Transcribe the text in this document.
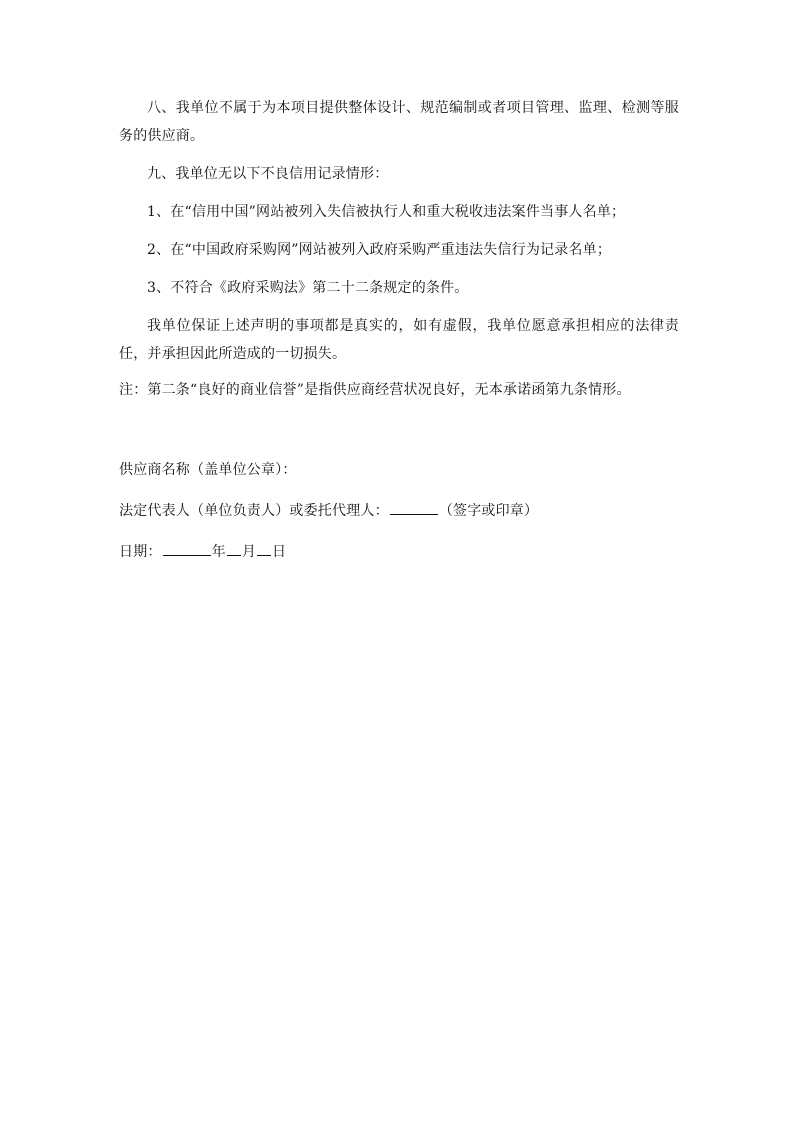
八、我单位不属于为本项目提供整体设计、规范编制或者项目管理、监理、检测等服务的供应商。

九、我单位无以下不良信用记录情形：

1、在“信用中国”网站被列入失信被执行人和重大税收违法案件当事人名单；

2、在“中国政府采购网”网站被列入政府采购严重违法失信行为记录名单；

3、不符合《政府采购法》第二十二条规定的条件。

我单位保证上述声明的事项都是真实的，如有虚假，我单位愿意承担相应的法律责任，并承担因此所造成的一切损失。

注：第二条“良好的商业信誉”是指供应商经营状况良好，无本承诺函第九条情形。

供应商名称（盖单位公章）：

法定代表人（单位负责人）或委托代理人：	（签字或印章）

日期：	年 月 日
